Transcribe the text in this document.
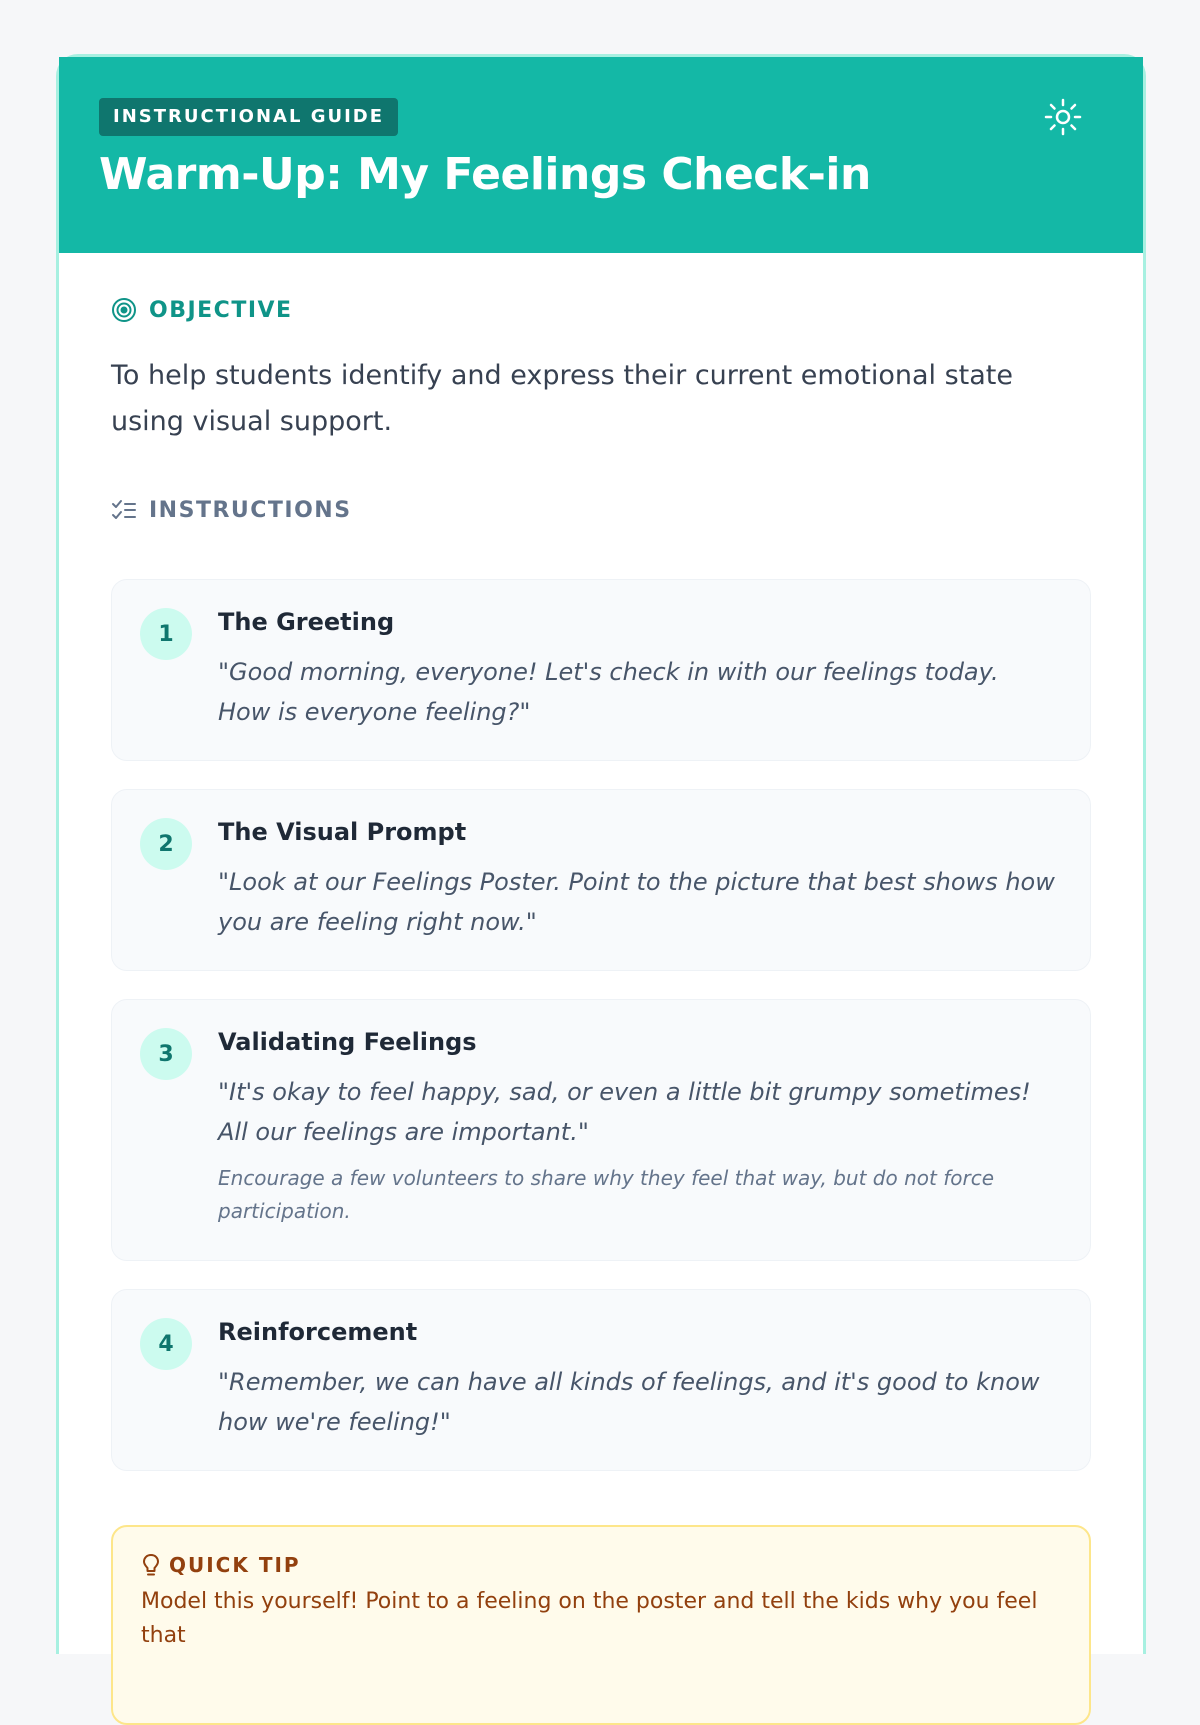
INSTRUCTIONAL GUIDE
Warm-Up: My Feelings Check-in
OBJECTIVE

To help students identify and express their current emotional state using visual support.

INSTRUCTIONS
1	The Greeting

"Good morning, everyone! Let's check in with our feelings today. How is everyone feeling?"

2	The Visual Prompt

"Look at our Feelings Poster. Point to the picture that best shows how you are feeling right now."

3	Validating Feelings

"It's okay to feel happy, sad, or even a little bit grumpy sometimes! All our feelings are important."

Encourage a few volunteers to share why they feel that way, but do not force participation.

4	Reinforcement

"Remember, we can have all kinds of feelings, and it's good to know how we're feeling!"

QUICK TIP

Model this yourself! Point to a feeling on the poster and tell the kids why you feel that
